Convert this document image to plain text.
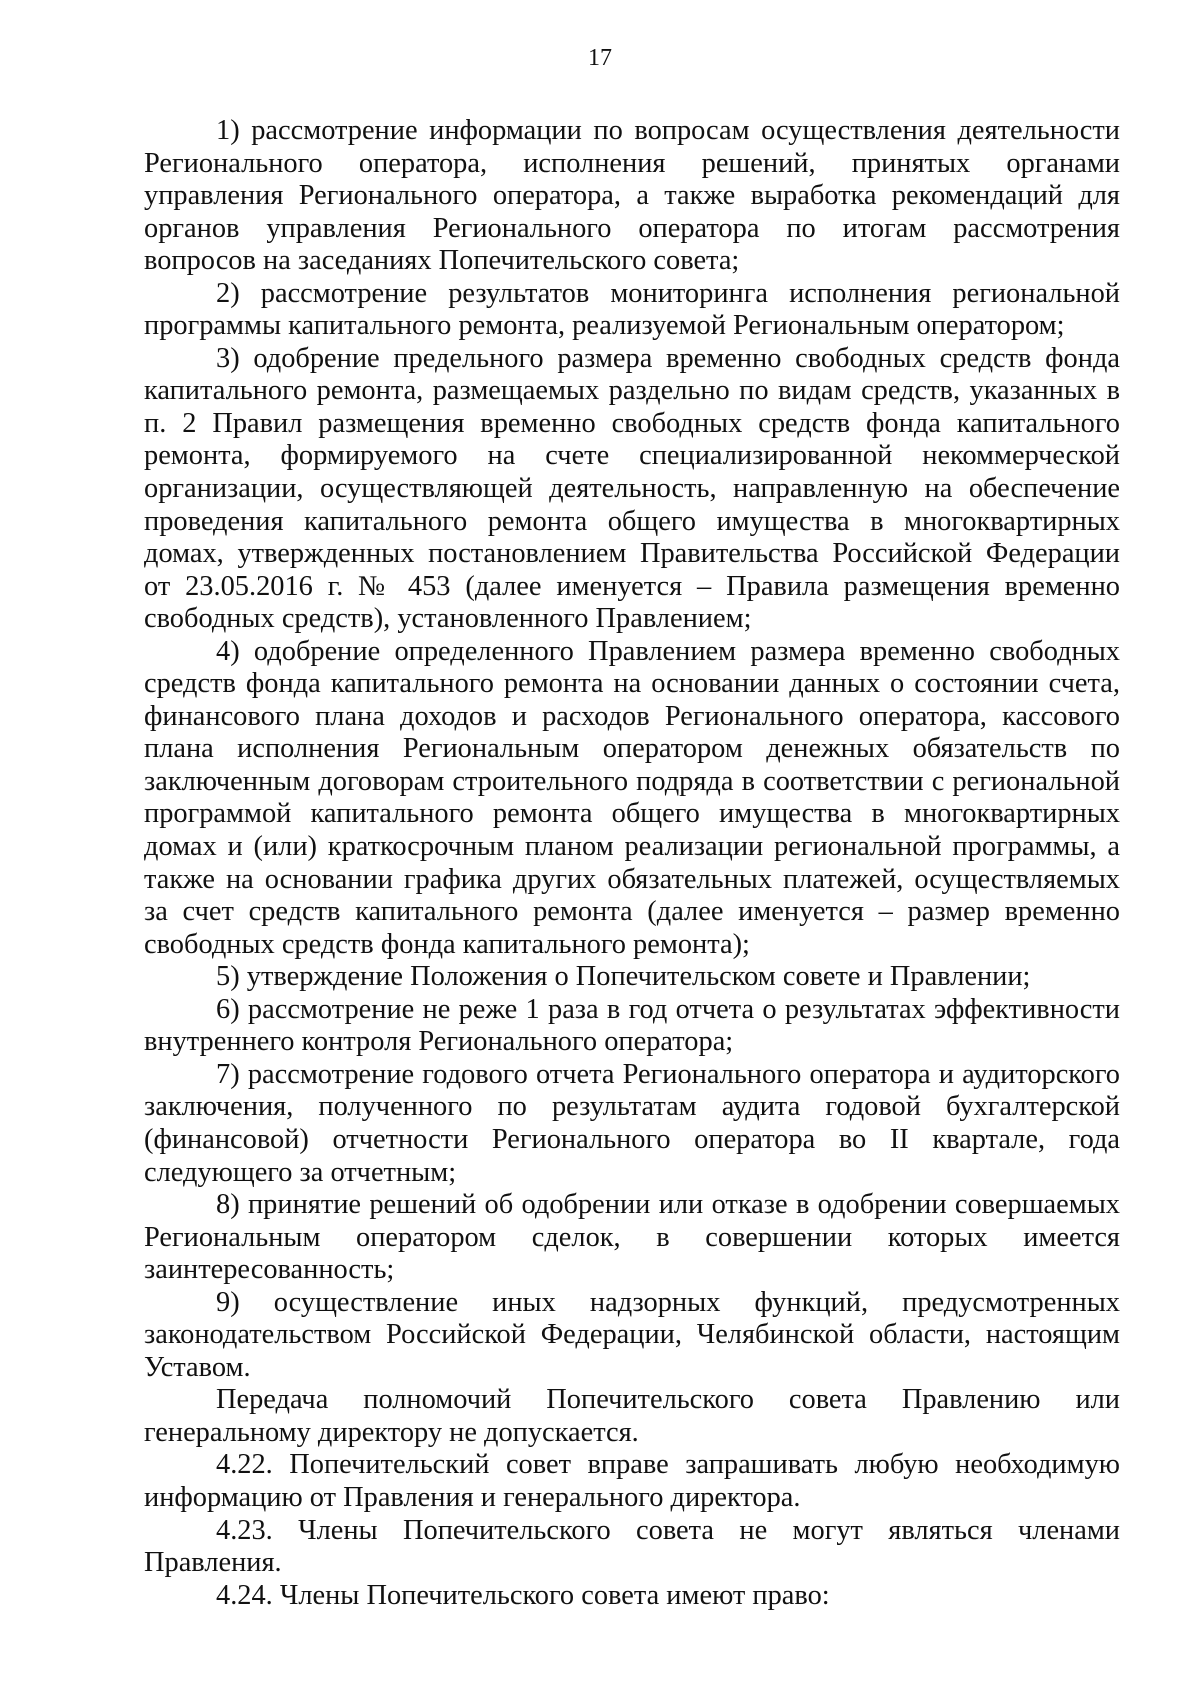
17

1) рассмотрение информации по вопросам осуществления деятельности Регионального оператора, исполнения решений, принятых органами управления Регионального оператора, а также выработка рекомендаций для органов управления Регионального оператора по итогам рассмотрения вопросов на заседаниях Попечительского совета;

2) рассмотрение результатов мониторинга исполнения региональной программы капитального ремонта, реализуемой Региональным оператором;

3) одобрение предельного размера временно свободных средств фонда капитального ремонта, размещаемых раздельно по видам средств, указанных в п. 2 Правил размещения временно свободных средств фонда капитального ремонта, формируемого на счете специализированной некоммерческой организации, осуществляющей деятельность, направленную на обеспечение проведения капитального ремонта общего имущества в многоквартирных домах, утвержденных постановлением Правительства Российской Федерации от 23.05.2016 г. № 453 (далее именуется – Правила размещения временно свободных средств), установленного Правлением;

4) одобрение определенного Правлением размера временно свободных средств фонда капитального ремонта на основании данных о состоянии счета, финансового плана доходов и расходов Регионального оператора, кассового плана исполнения Региональным оператором денежных обязательств по заключенным договорам строительного подряда в соответствии с региональной программой капитального ремонта общего имущества в многоквартирных домах и (или) краткосрочным планом реализации региональной программы, а также на основании графика других обязательных платежей, осуществляемых за счет средств капитального ремонта (далее именуется – размер временно свободных средств фонда капитального ремонта);

5) утверждение Положения о Попечительском совете и Правлении;

6) рассмотрение не реже 1 раза в год отчета о результатах эффективности внутреннего контроля Регионального оператора;

7) рассмотрение годового отчета Регионального оператора и аудиторского заключения, полученного по результатам аудита годовой бухгалтерской (финансовой) отчетности Регионального оператора во II квартале, года следующего за отчетным;

8) принятие решений об одобрении или отказе в одобрении совершаемых Региональным оператором сделок, в совершении которых имеется заинтересованность;

9) осуществление иных надзорных функций, предусмотренных законодательством Российской Федерации, Челябинской области, настоящим Уставом.

Передача полномочий Попечительского совета Правлению или генеральному директору не допускается.

4.22. Попечительский совет вправе запрашивать любую необходимую информацию от Правления и генерального директора.

4.23. Члены Попечительского совета не могут являться членами Правления.

4.24. Члены Попечительского совета имеют право:
